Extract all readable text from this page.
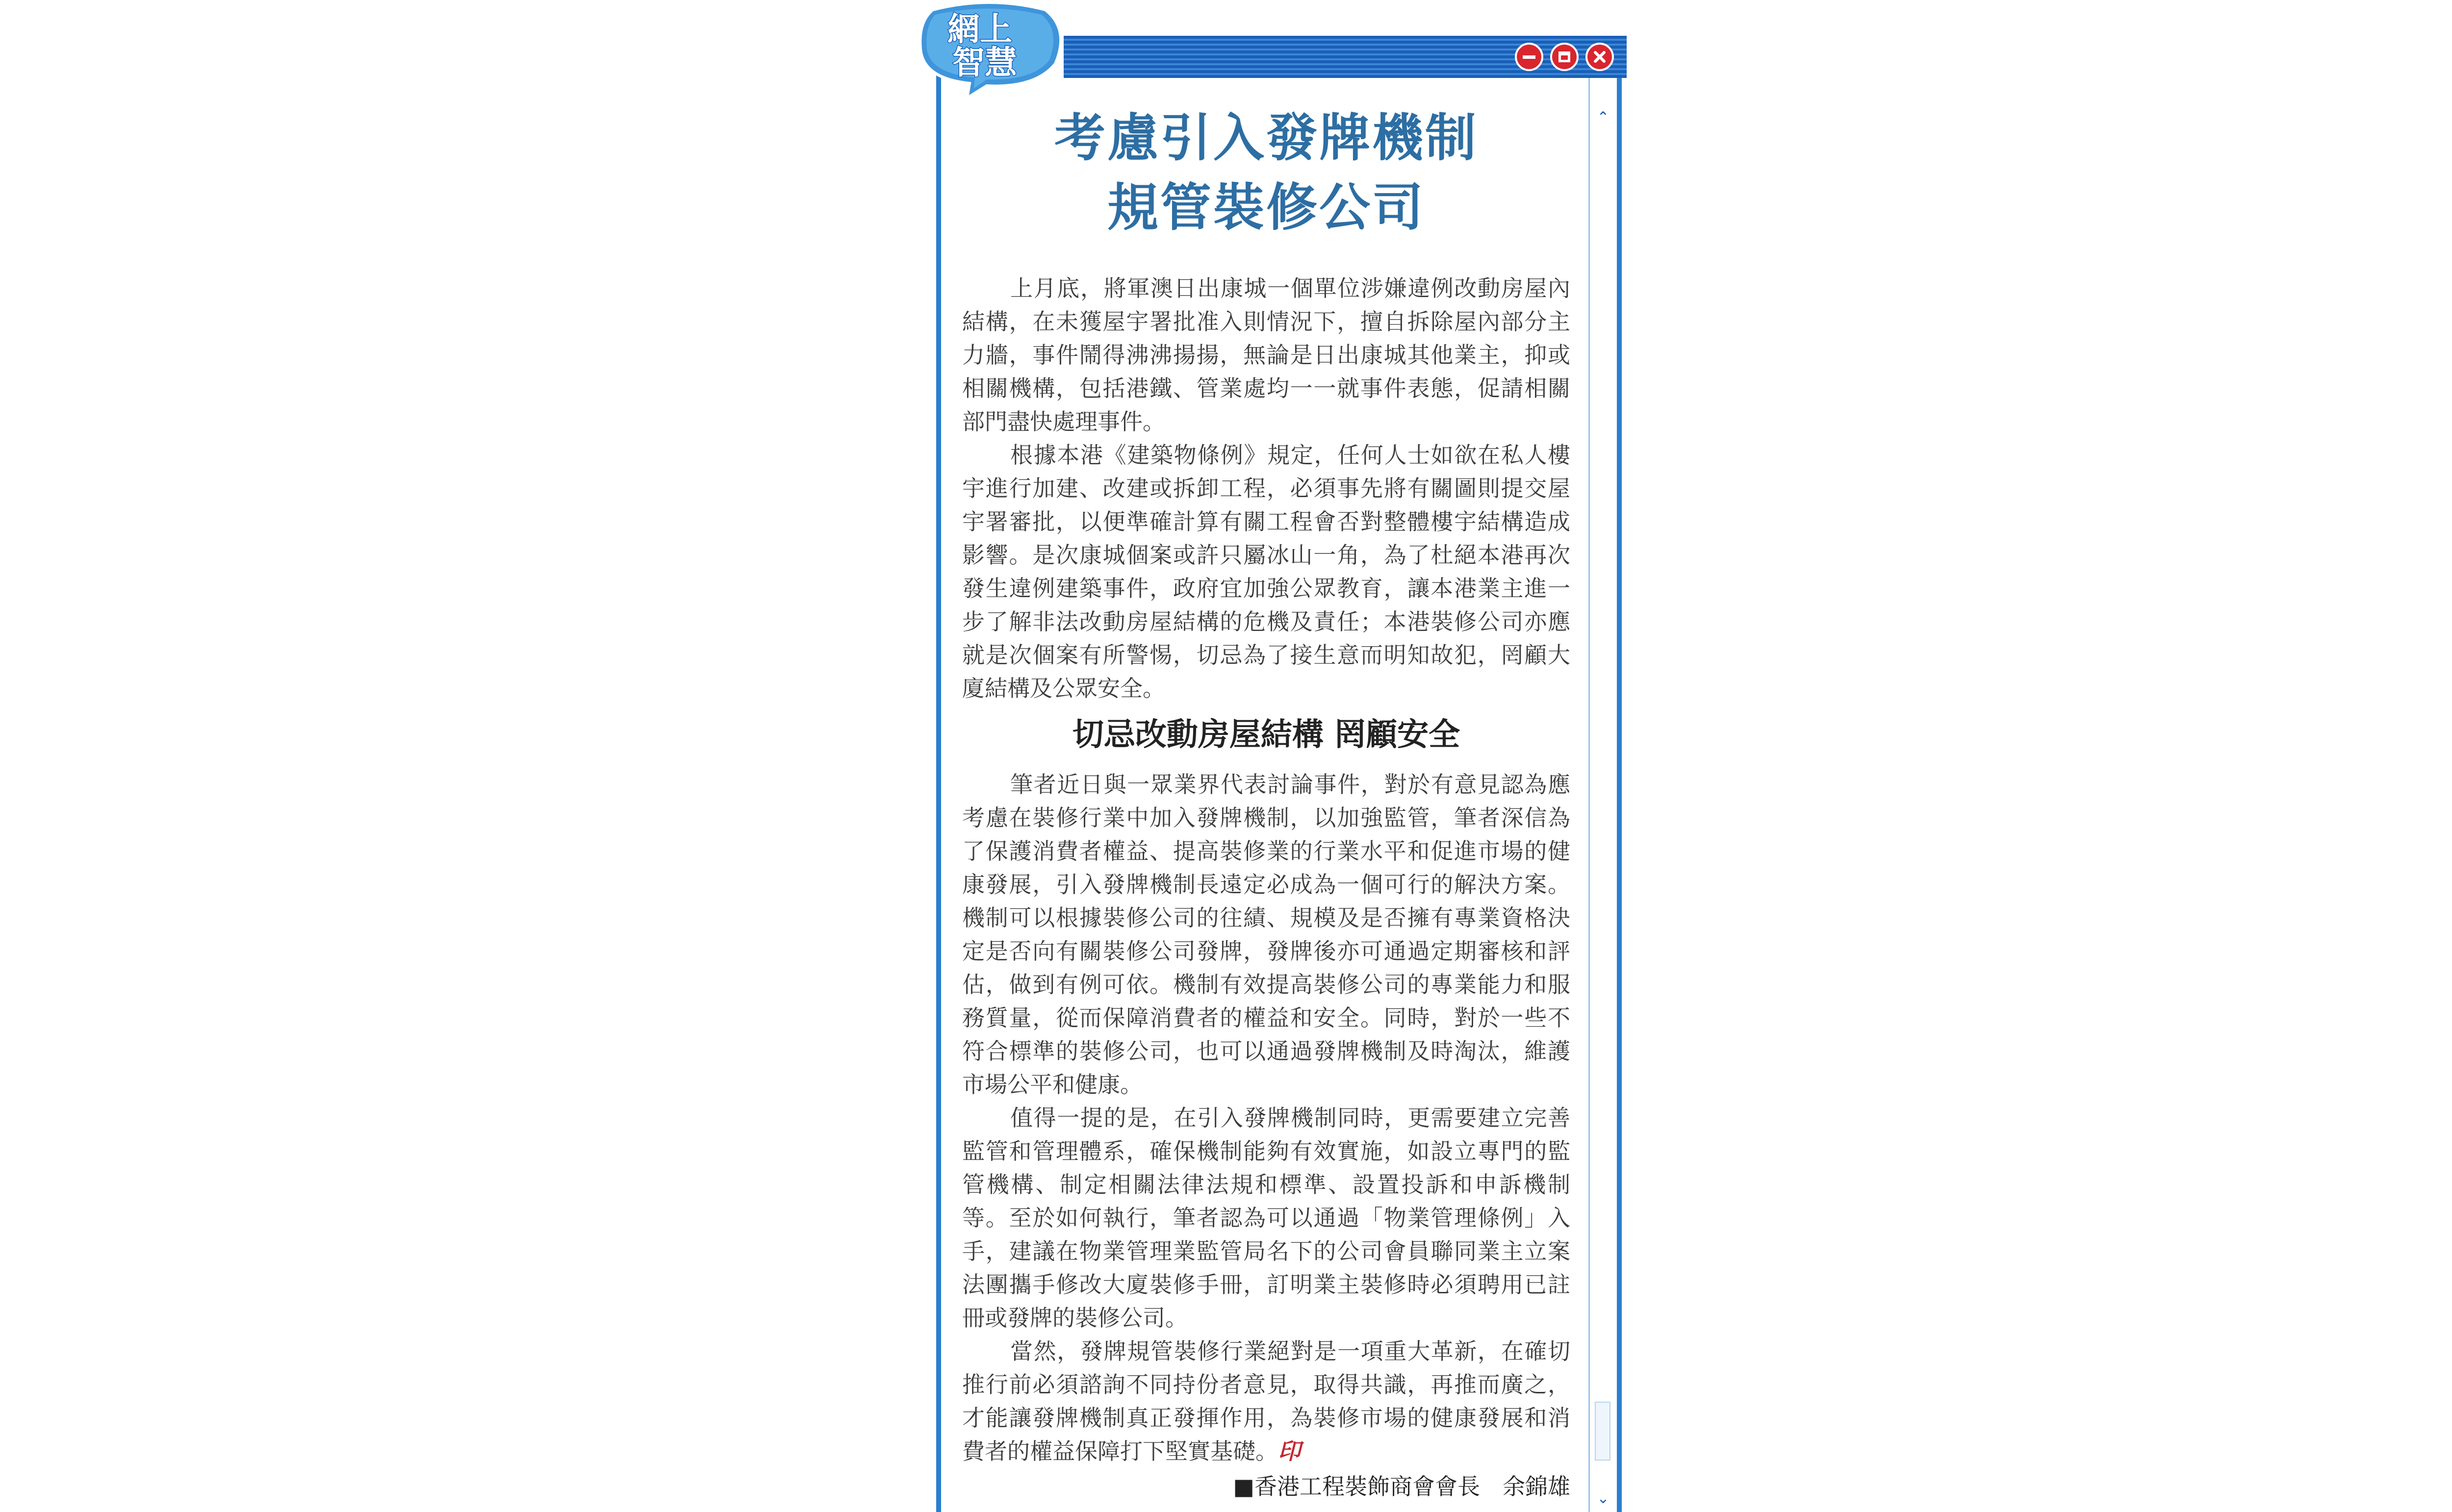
網上
智慧
⌃
⌄
考慮引入發牌機制
規管裝修公司

上月底，將軍澳日出康城一個單位涉嫌違例改動房屋內結構，在未獲屋宇署批准入則情況下，擅自拆除屋內部分主力牆，事件鬧得沸沸揚揚，無論是日出康城其他業主，抑或相關機構，包括港鐵、管業處均一一就事件表態，促請相關部門盡快處理事件。

根據本港《建築物條例》規定，任何人士如欲在私人樓宇進行加建、改建或拆卸工程，必須事先將有關圖則提交屋宇署審批，以便準確計算有關工程會否對整體樓宇結構造成影響。是次康城個案或許只屬冰山一角，為了杜絕本港再次發生違例建築事件，政府宜加強公眾教育，讓本港業主進一步了解非法改動房屋結構的危機及責任；本港裝修公司亦應就是次個案有所警惕，切忌為了接生意而明知故犯，罔顧大廈結構及公眾安全。

切忌改動房屋結構 罔顧安全

筆者近日與一眾業界代表討論事件，對於有意見認為應考慮在裝修行業中加入發牌機制，以加強監管，筆者深信為了保護消費者權益、提高裝修業的行業水平和促進市場的健康發展，引入發牌機制長遠定必成為一個可行的解決方案。機制可以根據裝修公司的往績、規模及是否擁有專業資格決定是否向有關裝修公司發牌，發牌後亦可通過定期審核和評估，做到有例可依。機制有效提高裝修公司的專業能力和服務質量，從而保障消費者的權益和安全。同時，對於一些不符合標準的裝修公司，也可以通過發牌機制及時淘汰，維護市場公平和健康。

值得一提的是，在引入發牌機制同時，更需要建立完善監管和管理體系，確保機制能夠有效實施，如設立專門的監管機構、制定相關法律法規和標準、設置投訴和申訴機制等。至於如何執行，筆者認為可以通過「物業管理條例」入手，建議在物業管理業監管局名下的公司會員聯同業主立案法團攜手修改大廈裝修手冊，訂明業主裝修時必須聘用已註冊或發牌的裝修公司。

當然，發牌規管裝修行業絕對是一項重大革新，在確切推行前必須諮詢不同持份者意見，取得共識，再推而廣之，才能讓發牌機制真正發揮作用，為裝修市場的健康發展和消費者的權益保障打下堅實基礎。印

■香港工程裝飾商會會長　余錦雄
